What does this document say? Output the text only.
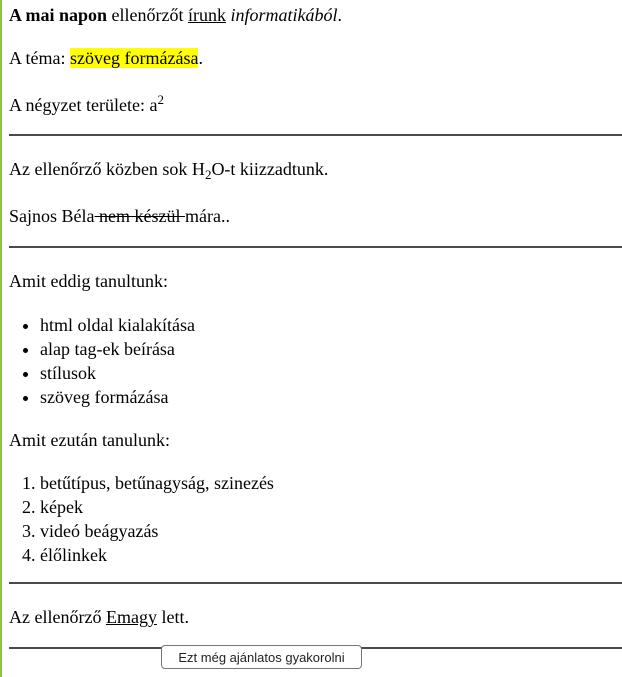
A mai napon ellenőrzőt írunk informatikából.

A téma: szöveg formázása.

A négyzet területe: $a^2$

Az ellenőrző közben sok $H_2O-t$ kiizzadtunk.

Sajnos Béla nem készül mára..

Amit eddig tanultunk:

• html oldal kialakítása
• alap tag-ek beírása
• stílusok
• szöveg formázása

Amit ezután tanulunk:

1. betűtípus, betűnagyság, szinezés
2. képek
3. videó beágyazás
4. élőlinkek

Az ellenőrző Emagy lett.

Ezt még ajánlatos gyakorolni
